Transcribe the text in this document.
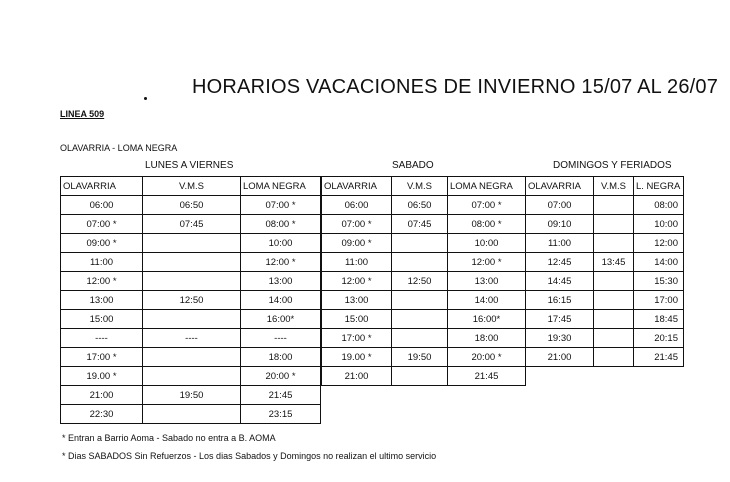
HORARIOS VACACIONES DE INVIERNO 15/07 AL 26/07
LINEA 509
OLAVARRIA - LOMA NEGRA
LUNES A VIERNES	SABADO	DOMINGOS Y FERIADOS
OLAVARRIA	V.M.S	LOMA NEGRA
06:00	06:50	07:00 *
07:00 *	07:45	08:00 *
09:00 *		10:00
11:00		12:00 *
12:00 *		13:00
13:00	12:50	14:00
15:00		16:00*
----	----	----
17:00 *		18:00
19.00 *		20:00 *
21:00	19:50	21:45
22:30		23:15
OLAVARRIA	V.M.S	LOMA NEGRA
06:00	06:50	07:00 *
07:00 *	07:45	08:00 *
09:00 *		10:00
11:00		12:00 *
12:00 *	12:50	13:00
13:00		14:00
15:00		16:00*
17:00 *		18:00
19.00 *	19:50	20:00 *
21:00		21:45
OLAVARRIA	V.M.S	L. NEGRA
07:00		08:00
09:10		10:00
11:00		12:00
12:45	13:45	14:00
14:45		15:30
16:15		17:00
17:45		18:45
19:30		20:15
21:00		21:45
* Entran a Barrio Aoma - Sabado no entra a B. AOMA
* Dias SABADOS Sin Refuerzos - Los dias Sabados y Domingos no realizan el ultimo servicio
